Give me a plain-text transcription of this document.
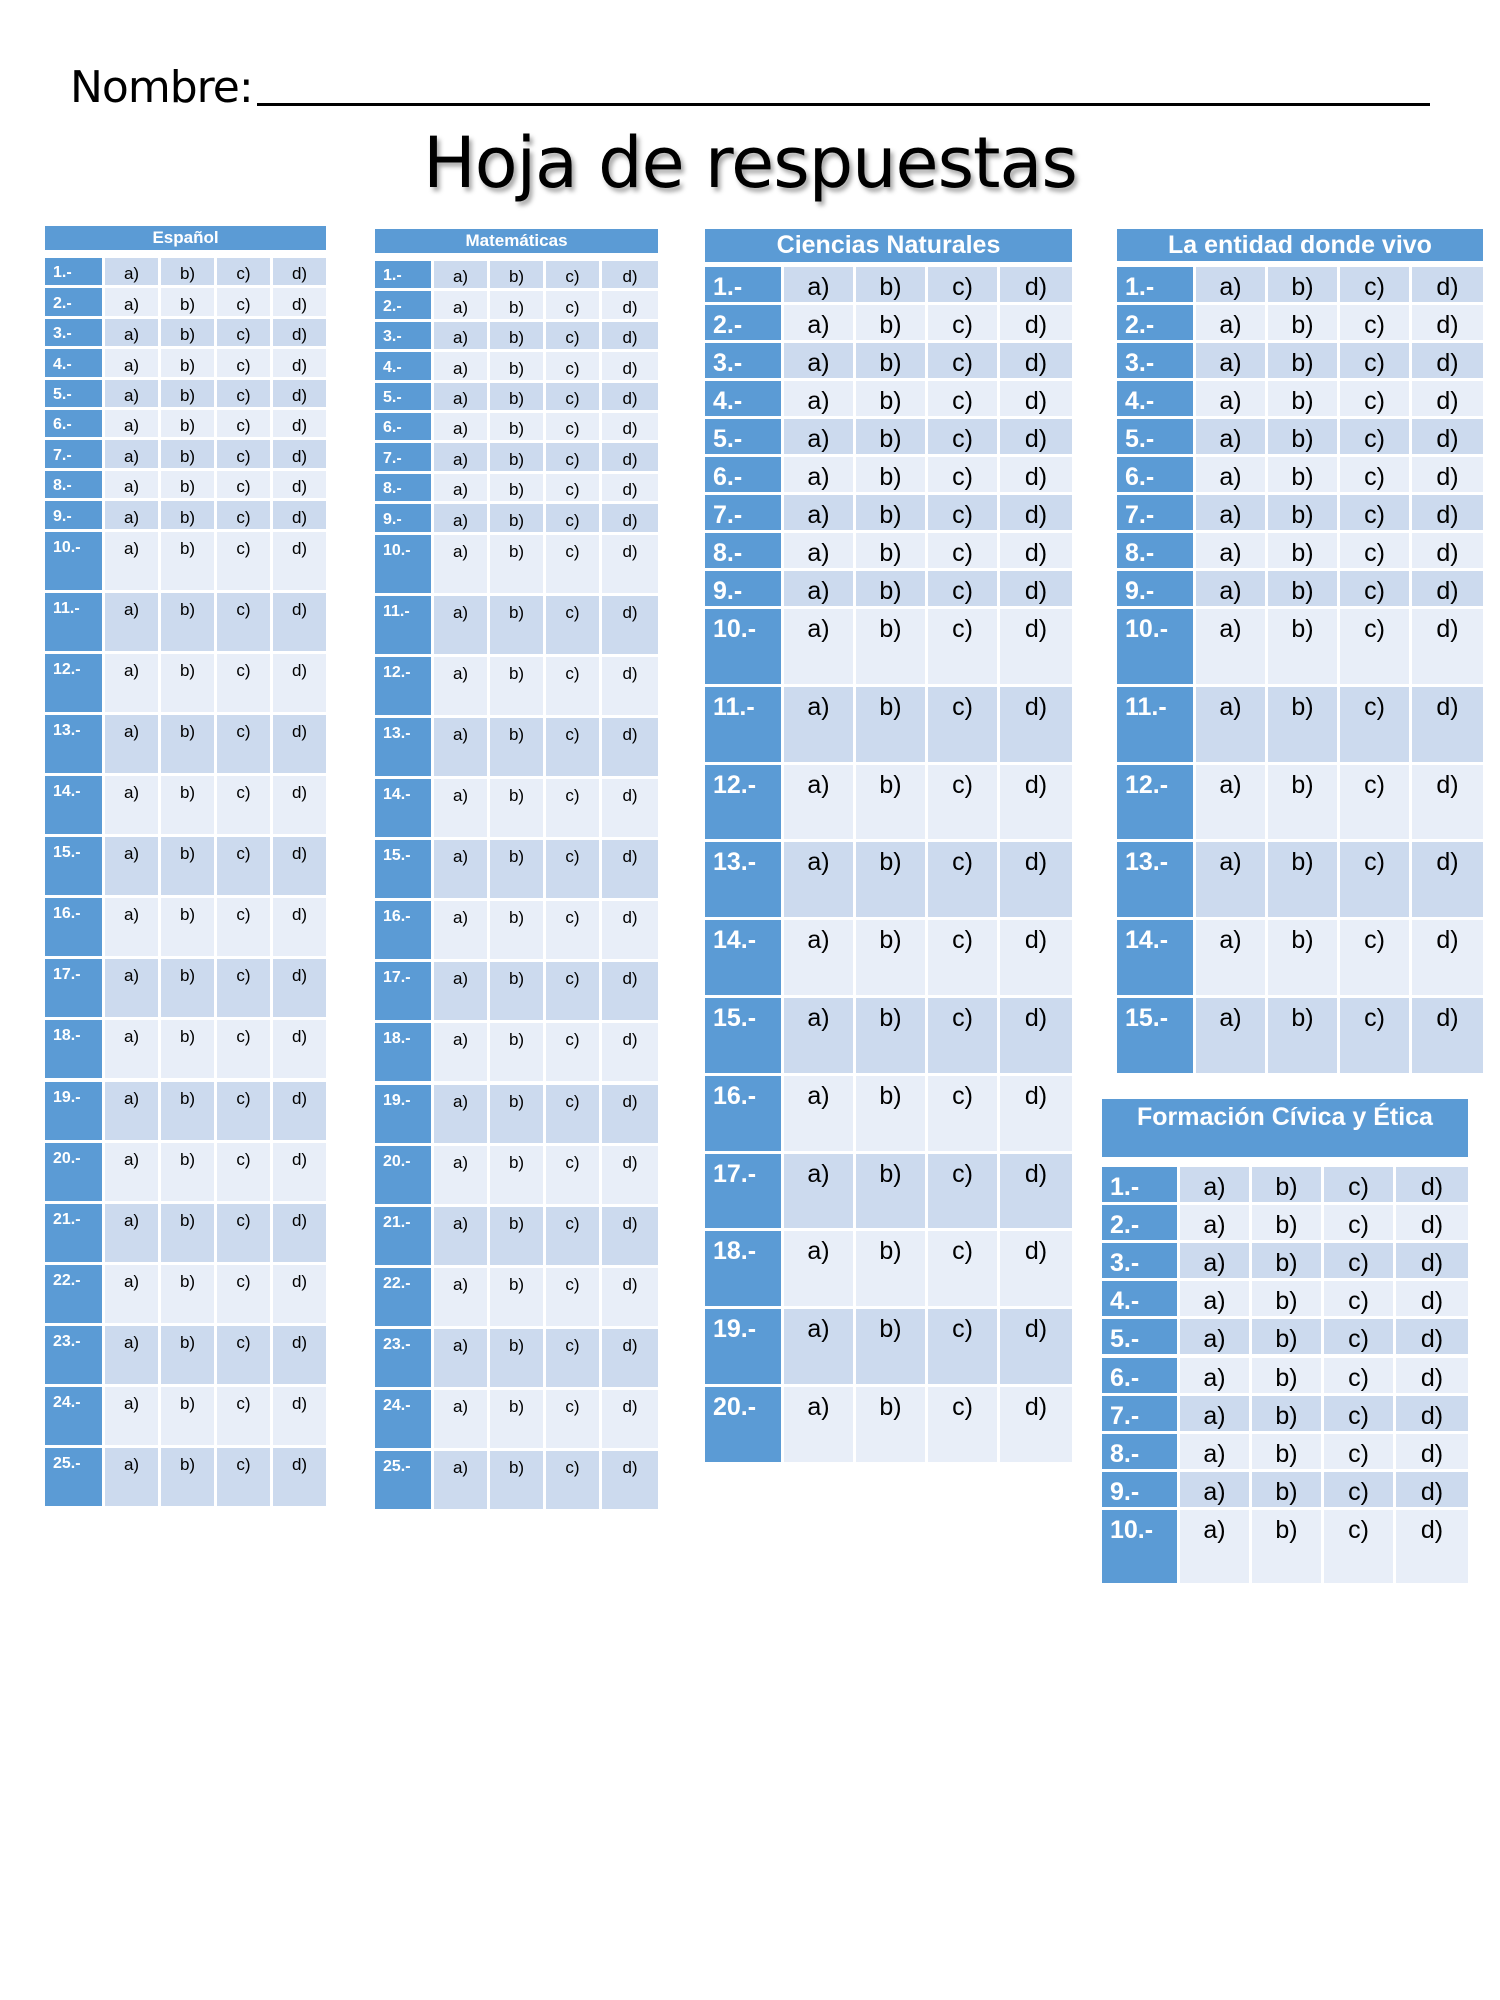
Nombre:
Hoja de respuestas
Español
1.-	a)	b)	c)	d)
2.-	a)	b)	c)	d)
3.-	a)	b)	c)	d)
4.-	a)	b)	c)	d)
5.-	a)	b)	c)	d)
6.-	a)	b)	c)	d)
7.-	a)	b)	c)	d)
8.-	a)	b)	c)	d)
9.-	a)	b)	c)	d)
10.-	a)	b)	c)	d)
11.-	a)	b)	c)	d)
12.-	a)	b)	c)	d)
13.-	a)	b)	c)	d)
14.-	a)	b)	c)	d)
15.-	a)	b)	c)	d)
16.-	a)	b)	c)	d)
17.-	a)	b)	c)	d)
18.-	a)	b)	c)	d)
19.-	a)	b)	c)	d)
20.-	a)	b)	c)	d)
21.-	a)	b)	c)	d)
22.-	a)	b)	c)	d)
23.-	a)	b)	c)	d)
24.-	a)	b)	c)	d)
25.-	a)	b)	c)	d)
Matemáticas
1.-	a)	b)	c)	d)
2.-	a)	b)	c)	d)
3.-	a)	b)	c)	d)
4.-	a)	b)	c)	d)
5.-	a)	b)	c)	d)
6.-	a)	b)	c)	d)
7.-	a)	b)	c)	d)
8.-	a)	b)	c)	d)
9.-	a)	b)	c)	d)
10.-	a)	b)	c)	d)
11.-	a)	b)	c)	d)
12.-	a)	b)	c)	d)
13.-	a)	b)	c)	d)
14.-	a)	b)	c)	d)
15.-	a)	b)	c)	d)
16.-	a)	b)	c)	d)
17.-	a)	b)	c)	d)
18.-	a)	b)	c)	d)
19.-	a)	b)	c)	d)
20.-	a)	b)	c)	d)
21.-	a)	b)	c)	d)
22.-	a)	b)	c)	d)
23.-	a)	b)	c)	d)
24.-	a)	b)	c)	d)
25.-	a)	b)	c)	d)
Ciencias Naturales
1.-	a)	b)	c)	d)
2.-	a)	b)	c)	d)
3.-	a)	b)	c)	d)
4.-	a)	b)	c)	d)
5.-	a)	b)	c)	d)
6.-	a)	b)	c)	d)
7.-	a)	b)	c)	d)
8.-	a)	b)	c)	d)
9.-	a)	b)	c)	d)
10.-	a)	b)	c)	d)
11.-	a)	b)	c)	d)
12.-	a)	b)	c)	d)
13.-	a)	b)	c)	d)
14.-	a)	b)	c)	d)
15.-	a)	b)	c)	d)
16.-	a)	b)	c)	d)
17.-	a)	b)	c)	d)
18.-	a)	b)	c)	d)
19.-	a)	b)	c)	d)
20.-	a)	b)	c)	d)
La entidad donde vivo
1.-	a)	b)	c)	d)
2.-	a)	b)	c)	d)
3.-	a)	b)	c)	d)
4.-	a)	b)	c)	d)
5.-	a)	b)	c)	d)
6.-	a)	b)	c)	d)
7.-	a)	b)	c)	d)
8.-	a)	b)	c)	d)
9.-	a)	b)	c)	d)
10.-	a)	b)	c)	d)
11.-	a)	b)	c)	d)
12.-	a)	b)	c)	d)
13.-	a)	b)	c)	d)
14.-	a)	b)	c)	d)
15.-	a)	b)	c)	d)
Formación Cívica y Ética
1.-	a)	b)	c)	d)
2.-	a)	b)	c)	d)
3.-	a)	b)	c)	d)
4.-	a)	b)	c)	d)
5.-	a)	b)	c)	d)
6.-	a)	b)	c)	d)
7.-	a)	b)	c)	d)
8.-	a)	b)	c)	d)
9.-	a)	b)	c)	d)
10.-	a)	b)	c)	d)
